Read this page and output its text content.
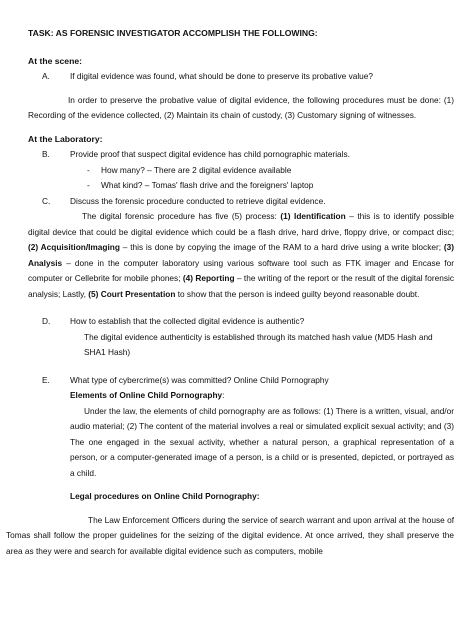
TASK: AS FORENSIC INVESTIGATOR ACCOMPLISH THE FOLLOWING:

At the scene:

A.	If digital evidence was found, what should be done to preserve its probative value?

In order to preserve the probative value of digital evidence, the following procedures must be done: (1) Recording of the evidence collected, (2) Maintain its chain of custody, (3) Customary signing of witnesses.

At the Laboratory:

B.	Provide proof that suspect digital evidence has child pornographic materials.
-	How many? – There are 2 digital evidence available
-	What kind? – Tomas' flash drive and the foreigners' laptop
C.	Discuss the forensic procedure conducted to retrieve digital evidence.

The digital forensic procedure has five (5) process: (1) Identification – this is to identify possible digital device that could be digital evidence which could be a flash drive, hard drive, floppy drive, or compact disc; (2) Acquisition/Imaging – this is done by copying the image of the RAM to a hard drive using a write blocker; (3) Analysis – done in the computer laboratory using various software tool such as FTK imager and Encase for computer or Cellebrite for mobile phones; (4) Reporting – the writing of the report or the result of the digital forensic analysis; Lastly, (5) Court Presentation to show that the person is indeed guilty beyond reasonable doubt.

D.	How to establish that the collected digital evidence is authentic?

The digital evidence authenticity is established through its matched hash value (MD5 Hash and SHA1 Hash)

E.	What type of cybercrime(s) was committed? Online Child Pornography

Elements of Online Child Pornography:

Under the law, the elements of child pornography are as follows: (1) There is a written, visual, and/or audio material; (2) The content of the material involves a real or simulated explicit sexual activity; and (3) The one engaged in the sexual activity, whether a natural person, a graphical representation of a person, or a computer-generated image of a person, is a child or is presented, depicted, or portrayed as a child.

Legal procedures on Online Child Pornography:

The Law Enforcement Officers during the service of search warrant and upon arrival at the house of Tomas shall follow the proper guidelines for the seizing of the digital evidence. At once arrived, they shall preserve the area as they were and search for available digital evidence such as computers, mobile
